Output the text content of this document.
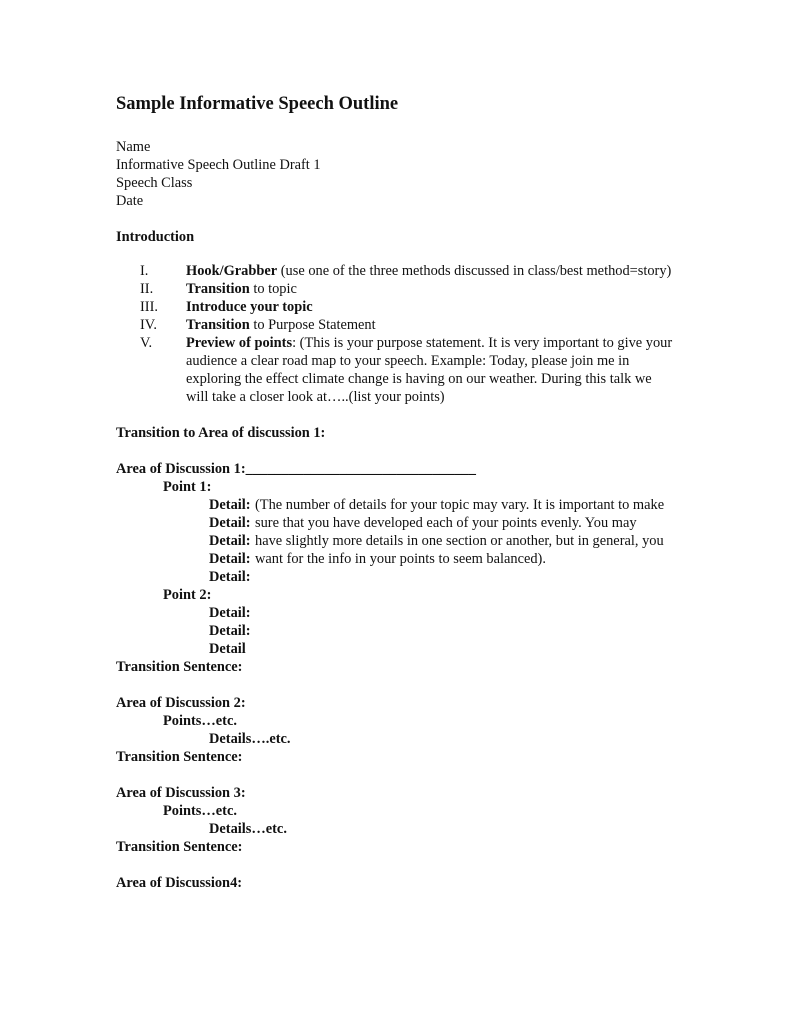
Sample Informative Speech Outline
Name
Informative Speech Outline Draft 1
Speech Class
Date
Introduction
I.	Hook/Grabber (use one of the three methods discussed in class/best method=story)
II.	Transition to topic
III.	Introduce your topic
IV.	Transition to Purpose Statement
V.	Preview of points: (This is your purpose statement. It is very important to give your audience a clear road map to your speech. Example: Today, please join me in exploring the effect climate change is having on our weather. During this talk we will take a closer look at…..(list your points)
Transition to Area of discussion 1:
Area of Discussion 1:________________________________
Point 1:
Detail:
Detail:
Detail:
Detail:
Detail:
(The number of details for your topic may vary. It is important to make sure that you have developed each of your points evenly. You may have slightly more details in one section or another, but in general, you want for the info in your points to seem balanced).
Point 2:
Detail:
Detail:
Detail
Transition Sentence:
Area of Discussion 2:
Points…etc.
Details….etc.
Transition Sentence:
Area of Discussion 3:
Points…etc.
Details…etc.
Transition Sentence:
Area of Discussion4:
